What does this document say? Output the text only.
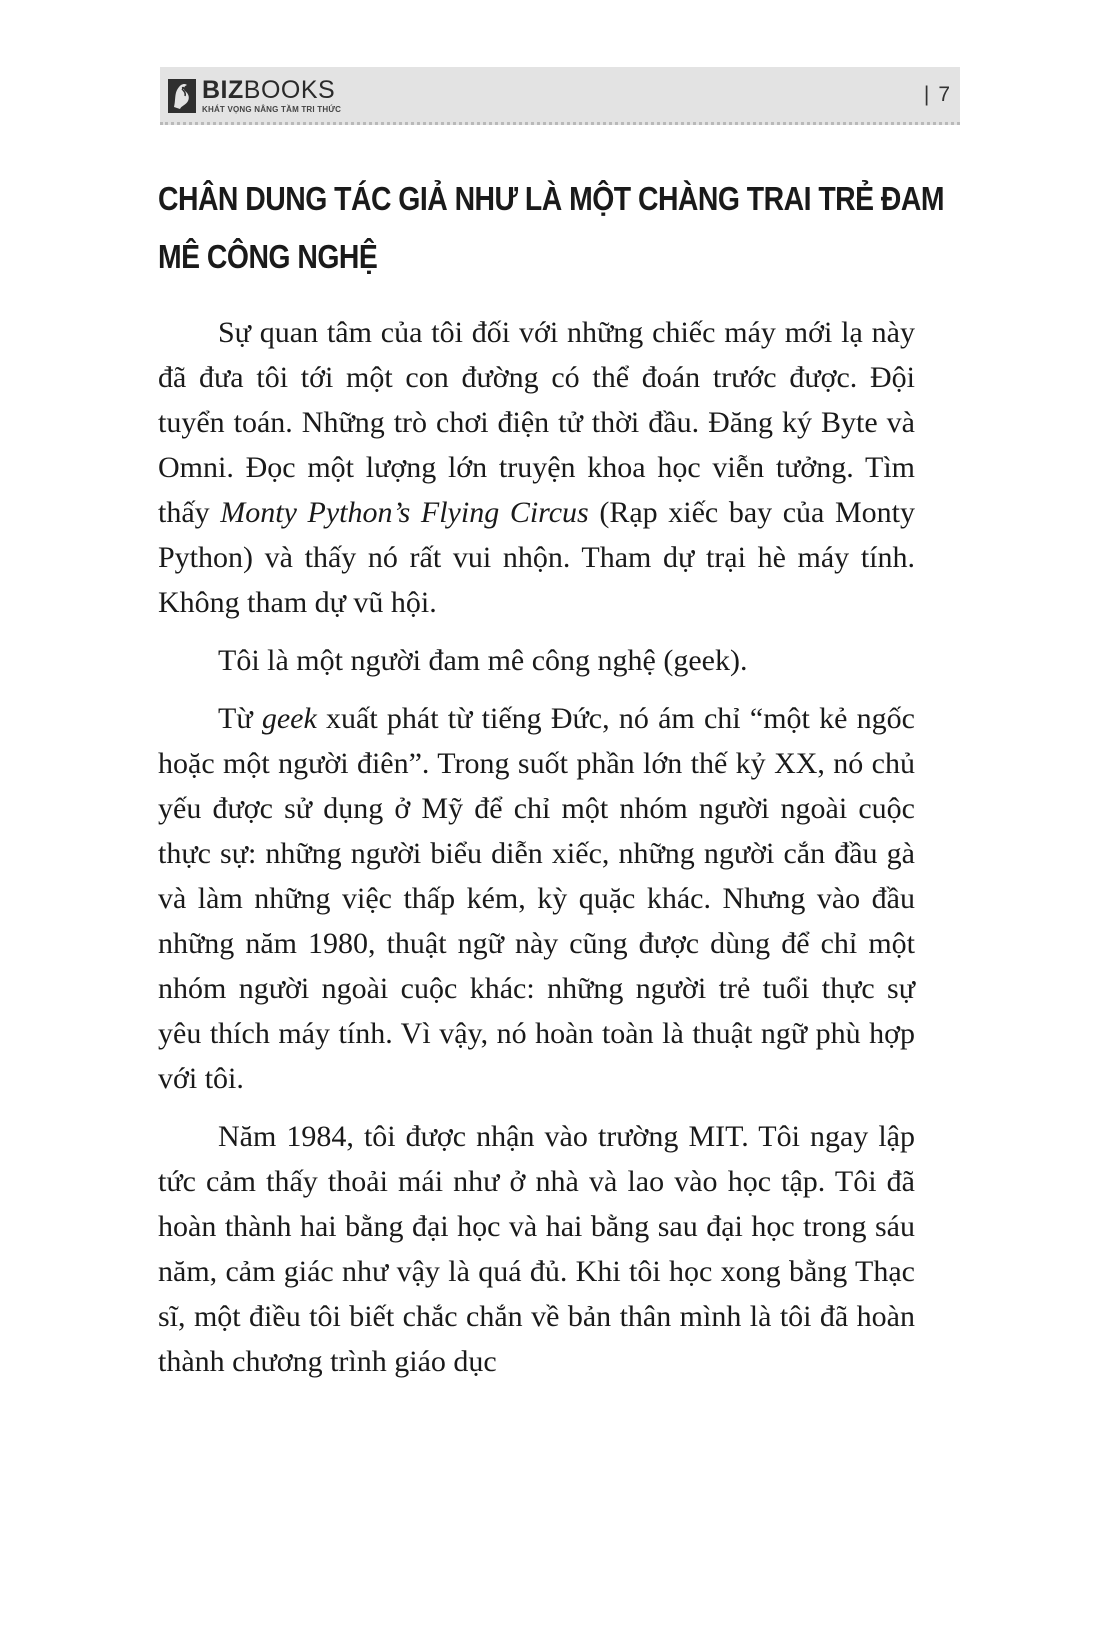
BIZBOOKS
KHÁT VỌNG NÂNG TẦM TRI THỨC
| 7
CHÂN DUNG TÁC GIẢ NHƯ LÀ MỘT CHÀNG TRAI TRẺ ĐAM MÊ CÔNG NGHỆ

Sự quan tâm của tôi đối với những chiếc máy mới lạ này đã đưa tôi tới một con đường có thể đoán trước được. Đội tuyển toán. Những trò chơi điện tử thời đầu. Đăng ký Byte và Omni. Đọc một lượng lớn truyện khoa học viễn tưởng. Tìm thấy Monty Python’s Flying Circus (Rạp xiếc bay của Monty Python) và thấy nó rất vui nhộn. Tham dự trại hè máy tính. Không tham dự vũ hội.

Tôi là một người đam mê công nghệ (geek).

Từ geek xuất phát từ tiếng Đức, nó ám chỉ “một kẻ ngốc hoặc một người điên”. Trong suốt phần lớn thế kỷ XX, nó chủ yếu được sử dụng ở Mỹ để chỉ một nhóm người ngoài cuộc thực sự: những người biểu diễn xiếc, những người cắn đầu gà và làm những việc thấp kém, kỳ quặc khác. Nhưng vào đầu những năm 1980, thuật ngữ này cũng được dùng để chỉ một nhóm người ngoài cuộc khác: những người trẻ tuổi thực sự yêu thích máy tính. Vì vậy, nó hoàn toàn là thuật ngữ phù hợp với tôi.

Năm 1984, tôi được nhận vào trường MIT. Tôi ngay lập tức cảm thấy thoải mái như ở nhà và lao vào học tập. Tôi đã hoàn thành hai bằng đại học và hai bằng sau đại học trong sáu năm, cảm giác như vậy là quá đủ. Khi tôi học xong bằng Thạc sĩ, một điều tôi biết chắc chắn về bản thân mình là tôi đã hoàn thành chương trình giáo dục
